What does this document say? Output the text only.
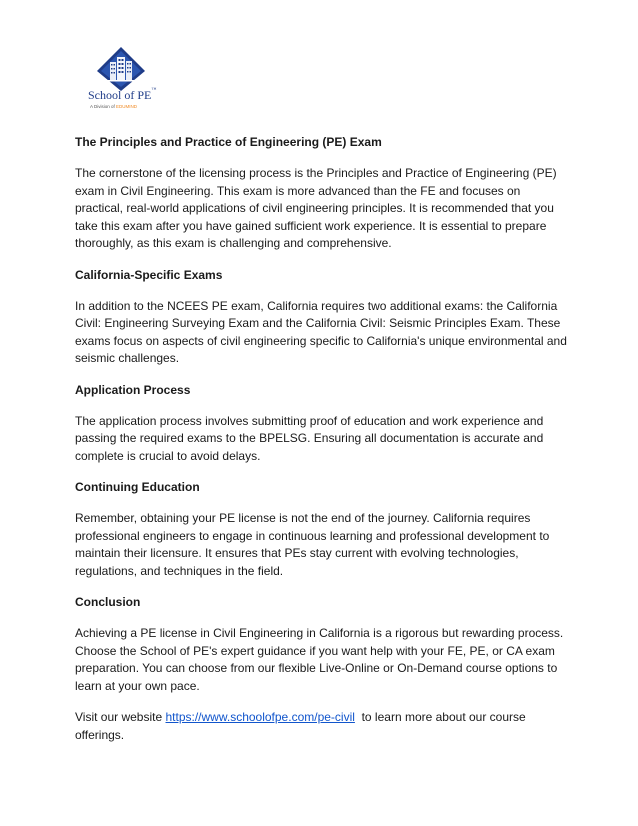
School of PE™
A Division of EDUMIND
The Principles and Practice of Engineering (PE) Exam

The cornerstone of the licensing process is the Principles and Practice of Engineering (PE) exam in Civil Engineering. This exam is more advanced than the FE and focuses on practical, real-world applications of civil engineering principles. It is recommended that you take this exam after you have gained sufficient work experience. It is essential to prepare thoroughly, as this exam is challenging and comprehensive.

California-Specific Exams

In addition to the NCEES PE exam, California requires two additional exams: the California Civil: Engineering Surveying Exam and the California Civil: Seismic Principles Exam. These exams focus on aspects of civil engineering specific to California's unique environmental and seismic challenges.

Application Process

The application process involves submitting proof of education and work experience and passing the required exams to the BPELSG. Ensuring all documentation is accurate and complete is crucial to avoid delays.

Continuing Education

Remember, obtaining your PE license is not the end of the journey. California requires professional engineers to engage in continuous learning and professional development to maintain their licensure. It ensures that PEs stay current with evolving technologies, regulations, and techniques in the field.

Conclusion

Achieving a PE license in Civil Engineering in California is a rigorous but rewarding process. Choose the School of PE's expert guidance if you want help with your FE, PE, or CA exam preparation. You can choose from our flexible Live-Online or On-Demand course options to learn at your own pace.

Visit our website https://www.schoolofpe.com/pe-civil  to learn more about our course offerings.
